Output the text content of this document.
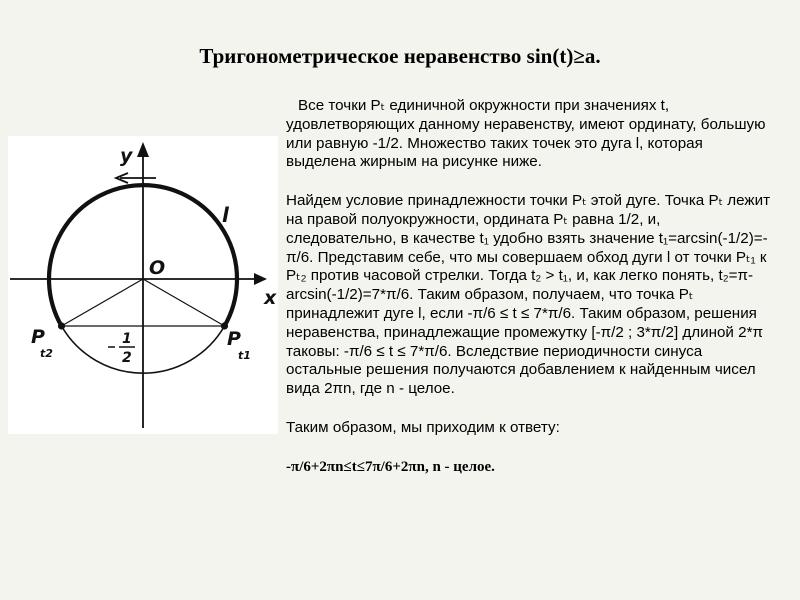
Тригонометрическое неравенство sin(t)≥a.
y
x
O
l
P
t2
P
t1
1
2

Все точки Pₜ единичной окружности при значениях t, удовлетворяющих данному неравенству, имеют ординату, большую или равную -1/2. Множество таких точек это дуга l, которая выделена жирным на рисунке ниже.

Найдем условие принадлежности точки Pₜ этой дуге. Точка Pₜ лежит на правой полуокружности, ордината Pₜ равна 1/2, и, следовательно, в качестве t₁ удобно взять значение t₁=arcsin(-1/2)=-π/6. Представим себе, что мы совершаем обход дуги l от точки Pₜ₁ к Pₜ₂ против часовой стрелки. Тогда t₂ > t₁, и, как легко понять, t₂=π-arcsin(-1/2)=7*π/6. Таким образом, получаем, что точка Pₜ принадлежит дуге l, если -π/6 ≤ t ≤ 7*π/6. Таким образом, решения неравенства, принадлежащие промежутку [-π/2 ; 3*π/2] длиной 2*π таковы: -π/6 ≤ t ≤ 7*π/6. Вследствие периодичности синуса остальные решения получаются добавлением к найденным чисел вида 2πn, где n - целое.

Таким образом, мы приходим к ответу:

-π/6+2πn≤t≤7π/6+2πn, n - целое.
